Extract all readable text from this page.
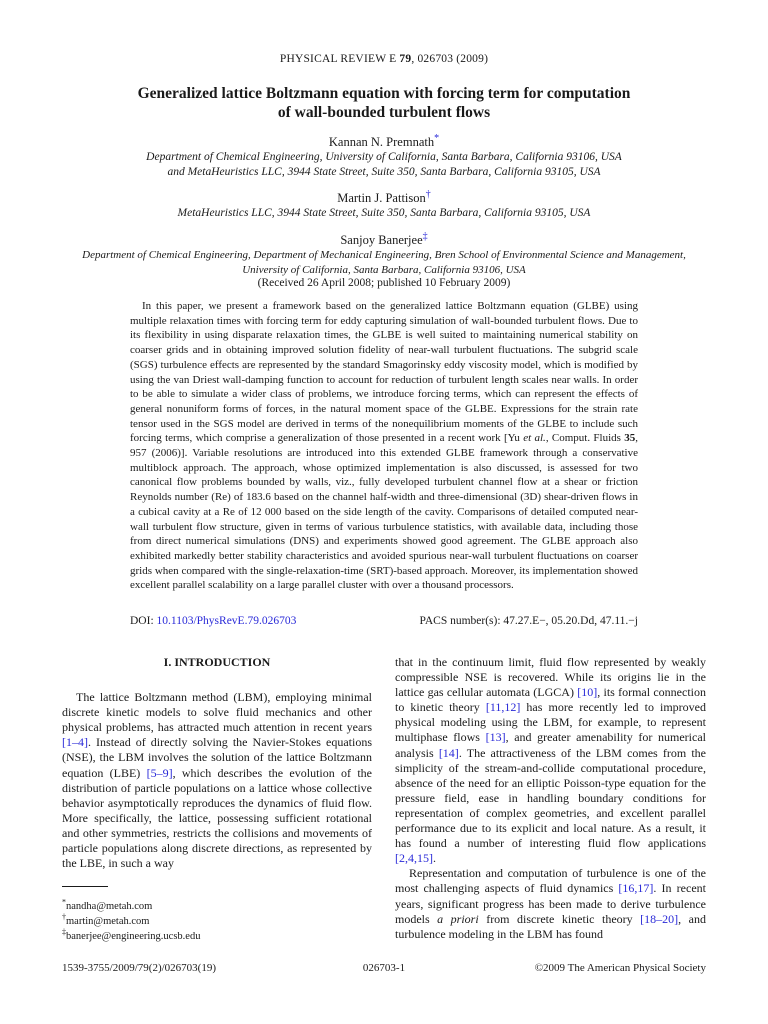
PHYSICAL REVIEW E 79, 026703 (2009)
Generalized lattice Boltzmann equation with forcing term for computation
of wall-bounded turbulent flows
Kannan N. Premnath*
Department of Chemical Engineering, University of California, Santa Barbara, California 93106, USA
and MetaHeuristics LLC, 3944 State Street, Suite 350, Santa Barbara, California 93105, USA
Martin J. Pattison†
MetaHeuristics LLC, 3944 State Street, Suite 350, Santa Barbara, California 93105, USA
Sanjoy Banerjee‡
Department of Chemical Engineering, Department of Mechanical Engineering, Bren School of Environmental Science and Management,
University of California, Santa Barbara, California 93106, USA
(Received 26 April 2008; published 10 February 2009)
In this paper, we present a framework based on the generalized lattice Boltzmann equation (GLBE) using multiple relaxation times with forcing term for eddy capturing simulation of wall-bounded turbulent flows. Due to its flexibility in using disparate relaxation times, the GLBE is well suited to maintaining numerical stability on coarser grids and in obtaining improved solution fidelity of near-wall turbulent fluctuations. The subgrid scale (SGS) turbulence effects are represented by the standard Smagorinsky eddy viscosity model, which is modified by using the van Driest wall-damping function to account for reduction of turbulent length scales near walls. In order to be able to simulate a wider class of problems, we introduce forcing terms, which can represent the effects of general nonuniform forms of forces, in the natural moment space of the GLBE. Expressions for the strain rate tensor used in the SGS model are derived in terms of the nonequilibrium moments of the GLBE to include such forcing terms, which comprise a generalization of those presented in a recent work [Yu et al., Comput. Fluids 35, 957 (2006)]. Variable resolutions are introduced into this extended GLBE framework through a conservative multiblock approach. The approach, whose optimized implementation is also discussed, is assessed for two canonical flow problems bounded by walls, viz., fully developed turbulent channel flow at a shear or friction Reynolds number (Re) of 183.6 based on the channel half-width and three-dimensional (3D) shear-driven flows in a cubical cavity at a Re of 12 000 based on the side length of the cavity. Comparisons of detailed computed near-wall turbulent flow structure, given in terms of various turbulence statistics, with available data, including those from direct numerical simulations (DNS) and experiments showed good agreement. The GLBE approach also exhibited markedly better stability characteristics and avoided spurious near-wall turbulent fluctuations on coarser grids when compared with the single-relaxation-time (SRT)-based approach. Moreover, its implementation showed excellent parallel scalability on a large parallel cluster with over a thousand processors.
DOI: 10.1103/PhysRevE.79.026703	PACS number(s): 47.27.E−, 05.20.Dd, 47.11.−j
I. INTRODUCTION

The lattice Boltzmann method (LBM), employing minimal discrete kinetic models to solve fluid mechanics and other physical problems, has attracted much attention in recent years [1–4]. Instead of directly solving the Navier-Stokes equations (NSE), the LBM involves the solution of the lattice Boltzmann equation (LBE) [5–9], which describes the evolution of the distribution of particle populations on a lattice whose collective behavior asymptotically reproduces the dynamics of fluid flow. More specifically, the lattice, possessing sufficient rotational and other symmetries, restricts the collisions and movements of particle populations along discrete directions, as represented by the LBE, in such a way

that in the continuum limit, fluid flow represented by weakly compressible NSE is recovered. While its origins lie in the lattice gas cellular automata (LGCA) [10], its formal connection to kinetic theory [11,12] has more recently led to improved physical modeling using the LBM, for example, to represent multiphase flows [13], and greater amenability for numerical analysis [14]. The attractiveness of the LBM comes from the simplicity of the stream-and-collide computational procedure, absence of the need for an elliptic Poisson-type equation for the pressure field, ease in handling boundary conditions for representation of complex geometries, and excellent parallel performance due to its explicit and local nature. As a result, it has found a number of interesting fluid flow applications [2,4,15].

Representation and computation of turbulence is one of the most challenging aspects of fluid dynamics [16,17]. In recent years, significant progress has been made to derive turbulence models a priori from discrete kinetic theory [18–20], and turbulence modeling in the LBM has found

*nandha@metah.com
†martin@metah.com
‡banerjee@engineering.ucsb.edu
1539-3755/2009/79(2)/026703(19)	026703-1	©2009 The American Physical Society
